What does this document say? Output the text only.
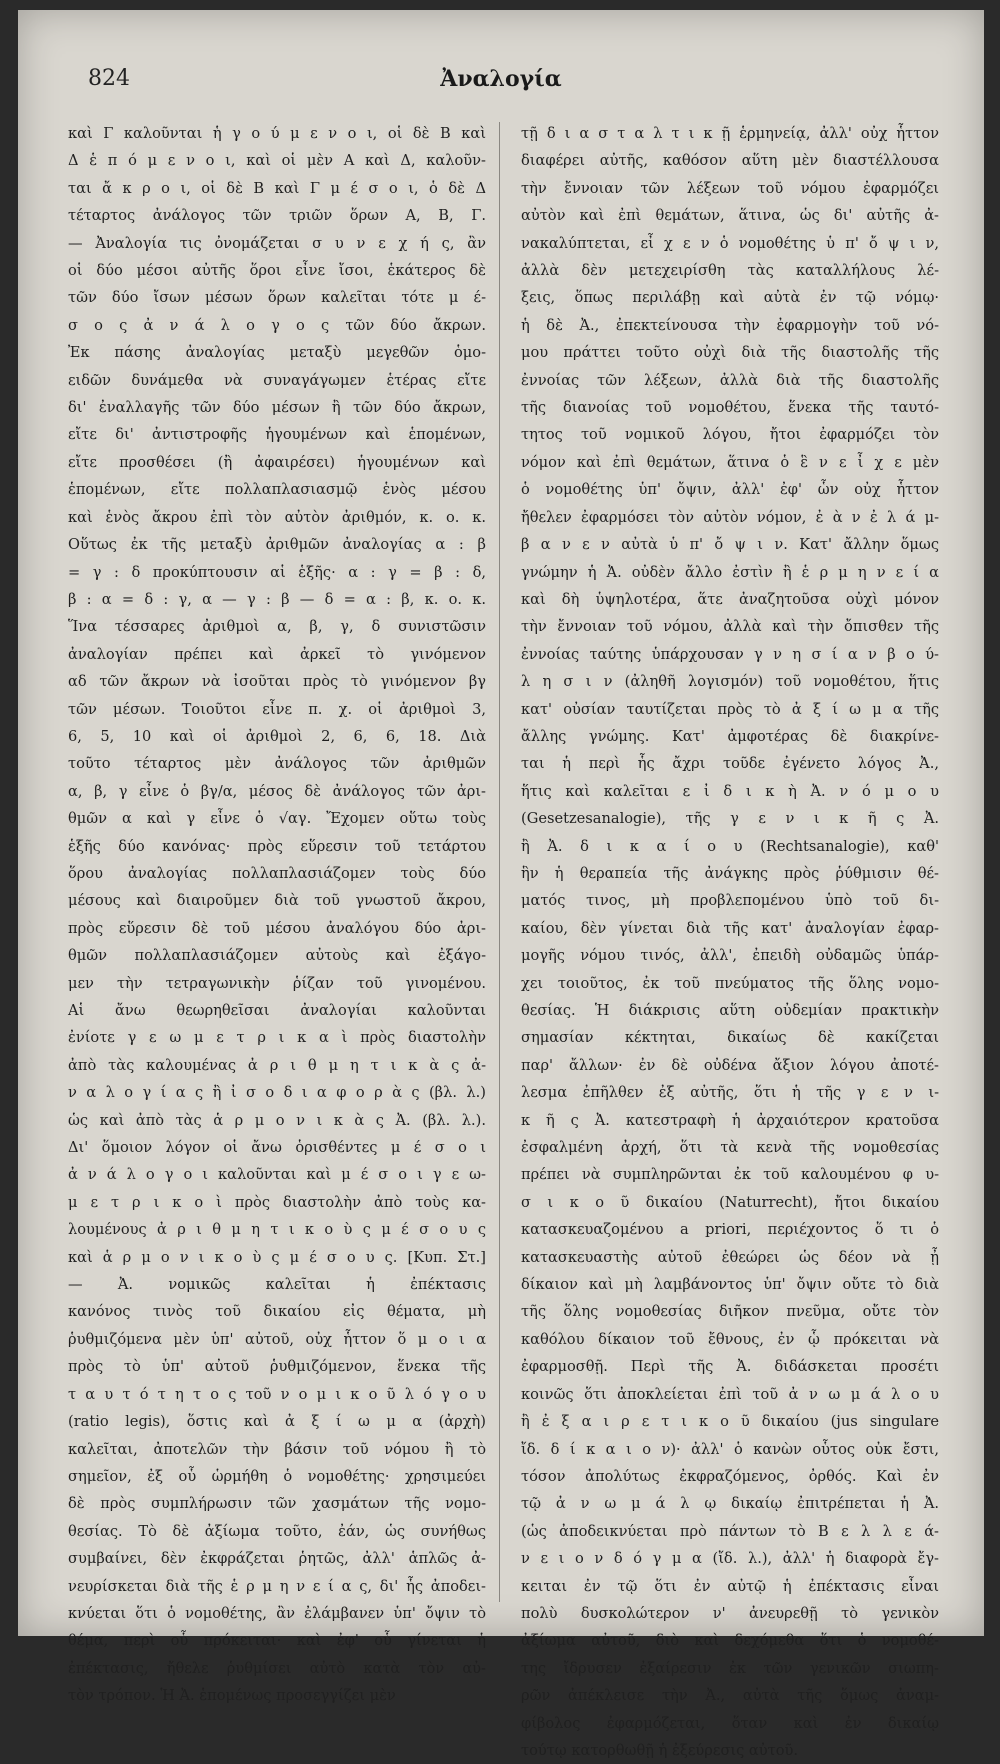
824	Ἀναλογία
καὶ Γ καλοῦνται ἡ γ ο ύ μ ε ν ο ι, οἱ δὲ Β καὶ
Δ ἑ π ό μ ε ν ο ι, καὶ οἱ μὲν Α καὶ Δ, καλοῦν-
ται ἄ κ ρ ο ι, οἱ δὲ Β καὶ Γ μ έ σ ο ι, ὁ δὲ Δ
τέταρτος ἀνάλογος τῶν τριῶν ὅρων Α, Β, Γ.
— Ἀναλογία τις ὀνομάζεται σ υ ν ε χ ή ς, ἂν
οἱ δύο μέσοι αὐτῆς ὅροι εἶνε ἴσοι, ἑκάτερος δὲ
τῶν δύο ἴσων μέσων ὅρων καλεῖται τότε μ έ-
σ ο ς ἀ ν ά λ ο γ ο ς τῶν δύο ἄκρων.
Ἐκ πάσης ἀναλογίας μεταξὺ μεγεθῶν ὁμο-
ειδῶν δυνάμεθα νὰ συναγάγωμεν ἑτέρας εἴτε
δι' ἐναλλαγῆς τῶν δύο μέσων ἢ τῶν δύο ἄκρων,
εἴτε δι' ἀντιστροφῆς ἡγουμένων καὶ ἑπομένων,
εἴτε προσθέσει (ἢ ἀφαιρέσει) ἡγουμένων καὶ
ἑπομένων, εἴτε πολλαπλασιασμῷ ἑνὸς μέσου
καὶ ἑνὸς ἄκρου ἐπὶ τὸν αὐτὸν ἀριθμόν, κ. ο. κ.
Οὕτως ἐκ τῆς μεταξὺ ἀριθμῶν ἀναλογίας α : β
= γ : δ προκύπτουσιν αἱ ἑξῆς· α : γ = β : δ,
β : α = δ : γ, α — γ : β — δ = α : β, κ. ο. κ.
Ἵνα τέσσαρες ἀριθμοὶ α, β, γ, δ συνιστῶσιν
ἀναλογίαν πρέπει καὶ ἀρκεῖ τὸ γινόμενον
αδ τῶν ἄκρων νὰ ἰσοῦται πρὸς τὸ γινόμενον βγ
τῶν μέσων. Τοιοῦτοι εἶνε π. χ. οἱ ἀριθμοὶ 3,
6, 5, 10 καὶ οἱ ἀριθμοὶ 2, 6, 6, 18. Διὰ
τοῦτο τέταρτος μὲν ἀνάλογος τῶν ἀριθμῶν
α, β, γ εἶνε ὁ βγ/α, μέσος δὲ ἀνάλογος τῶν ἀρι-
θμῶν α καὶ γ εἶνε ὁ √αγ. Ἔχομεν οὕτω τοὺς
ἑξῆς δύο κανόνας· πρὸς εὕρεσιν τοῦ τετάρτου
ὅρου ἀναλογίας πολλαπλασιάζομεν τοὺς δύο
μέσους καὶ διαιροῦμεν διὰ τοῦ γνωστοῦ ἄκρου,
πρὸς εὕρεσιν δὲ τοῦ μέσου ἀναλόγου δύο ἀρι-
θμῶν πολλαπλασιάζομεν αὐτοὺς καὶ ἐξάγο-
μεν τὴν τετραγωνικὴν ῥίζαν τοῦ γινομένου.
Αἱ ἄνω θεωρηθεῖσαι ἀναλογίαι καλοῦνται
ἐνίοτε γ ε ω μ ε τ ρ ι κ α ὶ πρὸς διαστολὴν
ἀπὸ τὰς καλουμένας ἀ ρ ι θ μ η τ ι κ ὰ ς ἀ-
ν α λ ο γ ί α ς ἢ ἰ σ ο δ ι α φ ο ρ ὰ ς (βλ. λ.)
ὡς καὶ ἀπὸ τὰς ἁ ρ μ ο ν ι κ ὰ ς Ἀ. (βλ. λ.).
Δι' ὅμοιον λόγον οἱ ἄνω ὁρισθέντες μ έ σ ο ι
ἀ ν ά λ ο γ ο ι καλοῦνται καὶ μ έ σ ο ι γ ε ω-
μ ε τ ρ ι κ ο ὶ πρὸς διαστολὴν ἀπὸ τοὺς κα-
λουμένους ἀ ρ ι θ μ η τ ι κ ο ὺ ς μ έ σ ο υ ς
καὶ ἁ ρ μ ο ν ι κ ο ὺ ς μ έ σ ο υ ς. [Κυπ. Στ.]
— Ἀ. νομικῶς καλεῖται ἡ ἐπέκτασις
κανόνος τινὸς τοῦ δικαίου εἰς θέματα, μὴ
ῥυθμιζόμενα μὲν ὑπ' αὐτοῦ, οὐχ ἧττον ὅ μ ο ι α
πρὸς τὸ ὑπ' αὐτοῦ ῥυθμιζόμενον, ἕνεκα τῆς
τ α υ τ ό τ η τ ο ς τοῦ ν ο μ ι κ ο ῦ λ ό γ ο υ
(ratio legis), ὅστις καὶ ἀ ξ ί ω μ α (ἀρχὴ)
καλεῖται, ἀποτελῶν τὴν βάσιν τοῦ νόμου ἢ τὸ
σημεῖον, ἐξ οὗ ὡρμήθη ὁ νομοθέτης· χρησιμεύει
δὲ πρὸς συμπλήρωσιν τῶν χασμάτων τῆς νομο-
θεσίας. Τὸ δὲ ἀξίωμα τοῦτο, ἐάν, ὡς συνήθως
συμβαίνει, δὲν ἐκφράζεται ῥητῶς, ἀλλ' ἁπλῶς ἀ-
νευρίσκεται διὰ τῆς ἑ ρ μ η ν ε ί α ς, δι' ἧς ἀποδει-
κνύεται ὅτι ὁ νομοθέτης, ἂν ἐλάμβανεν ὑπ' ὄψιν τὸ
θέμα, περὶ οὗ πρόκειται· καὶ ἐφ' οὗ γίνεται ἡ
ἐπέκτασις, ἤθελε ῥυθμίσει αὐτὸ κατὰ τὸν αὐ-
τὸν τρόπον. Ἡ Ἀ. ἑπομένως προσεγγίζει μὲν
τῇ δ ι α σ τ α λ τ ι κ ῇ ἑρμηνείᾳ, ἀλλ' οὐχ ἧττον
διαφέρει αὐτῆς, καθόσον αὕτη μὲν διαστέλλουσα
τὴν ἔννοιαν τῶν λέξεων τοῦ νόμου ἐφαρμόζει
αὐτὸν καὶ ἐπὶ θεμάτων, ἅτινα, ὡς δι' αὐτῆς ἀ-
νακαλύπτεται, εἶ χ ε ν ὁ νομοθέτης ὑ π' ὄ ψ ι ν,
ἀλλὰ δὲν μετεχειρίσθη τὰς καταλλήλους λέ-
ξεις, ὅπως περιλάβῃ καὶ αὐτὰ ἐν τῷ νόμῳ·
ἡ δὲ Ἀ., ἐπεκτείνουσα τὴν ἐφαρμογὴν τοῦ νό-
μου πράττει τοῦτο οὐχὶ διὰ τῆς διαστολῆς τῆς
ἐννοίας τῶν λέξεων, ἀλλὰ διὰ τῆς διαστολῆς
τῆς διανοίας τοῦ νομοθέτου, ἕνεκα τῆς ταυτό-
τητος τοῦ νομικοῦ λόγου, ἤτοι ἐφαρμόζει τὸν
νόμον καὶ ἐπὶ θεμάτων, ἅτινα ὁ ἓ ν ε ἶ χ ε μὲν
ὁ νομοθέτης ὑπ' ὄψιν, ἀλλ' ἐφ' ὧν οὐχ ἧττον
ἤθελεν ἐφαρμόσει τὸν αὐτὸν νόμον, ἐ ὰ ν ἐ λ ά μ-
β α ν ε ν αὐτὰ ὑ π' ὄ ψ ι ν. Κατ' ἄλλην ὅμως
γνώμην ἡ Ἀ. οὐδὲν ἄλλο ἐστὶν ἢ ἑ ρ μ η ν ε ί α
καὶ δὴ ὑψηλοτέρα, ἅτε ἀναζητοῦσα οὐχὶ μόνον
τὴν ἔννοιαν τοῦ νόμου, ἀλλὰ καὶ τὴν ὄπισθεν τῆς
ἐννοίας ταύτης ὑπάρχουσαν γ ν η σ ί α ν β ο ύ-
λ η σ ι ν (ἀληθῆ λογισμόν) τοῦ νομοθέτου, ἥτις
κατ' οὐσίαν ταυτίζεται πρὸς τὸ ἀ ξ ί ω μ α τῆς
ἄλλης γνώμης. Κατ' ἀμφοτέρας δὲ διακρίνε-
ται ἡ περὶ ἧς ἄχρι τοῦδε ἐγένετο λόγος Ἀ.,
ἥτις καὶ καλεῖται ε ἰ δ ι κ ὴ Ἀ. ν ό μ ο υ
(Gesetzesanalogie), τῆς γ ε ν ι κ ῆ ς Ἀ.
ἢ Ἀ. δ ι κ α ί ο υ (Rechtsanalogie), καθ'
ἣν ἡ θεραπεία τῆς ἀνάγκης πρὸς ῥύθμισιν θέ-
ματός τινος, μὴ προβλεπομένου ὑπὸ τοῦ δι-
καίου, δὲν γίνεται διὰ τῆς κατ' ἀναλογίαν ἐφαρ-
μογῆς νόμου τινός, ἀλλ', ἐπειδὴ οὐδαμῶς ὑπάρ-
χει τοιοῦτος, ἐκ τοῦ πνεύματος τῆς ὅλης νομο-
θεσίας. Ἡ διάκρισις αὕτη οὐδεμίαν πρακτικὴν
σημασίαν κέκτηται, δικαίως δὲ κακίζεται
παρ' ἄλλων· ἐν δὲ οὐδένα ἄξιον λόγου ἀποτέ-
λεσμα ἐπῆλθεν ἐξ αὐτῆς, ὅτι ἡ τῆς γ ε ν ι-
κ ῆ ς Ἀ. κατεστραφὴ ἡ ἀρχαιότερον κρατοῦσα
ἐσφαλμένη ἀρχή, ὅτι τὰ κενὰ τῆς νομοθεσίας
πρέπει νὰ συμπληρῶνται ἐκ τοῦ καλουμένου φ υ-
σ ι κ ο ῦ δικαίου (Naturrecht), ἤτοι δικαίου
κατασκευαζομένου a priori, περιέχοντος ὅ τι ὁ
κατασκευαστὴς αὐτοῦ ἐθεώρει ὡς δέον νὰ ᾖ
δίκαιον καὶ μὴ λαμβάνοντος ὑπ' ὄψιν οὔτε τὸ διὰ
τῆς ὅλης νομοθεσίας διῆκον πνεῦμα, οὔτε τὸν
καθόλου δίκαιον τοῦ ἔθνους, ἐν ᾧ πρόκειται νὰ
ἐφαρμοσθῇ. Περὶ τῆς Ἀ. διδάσκεται προσέτι
κοινῶς ὅτι ἀποκλείεται ἐπὶ τοῦ ἀ ν ω μ ά λ ο υ
ἢ ἐ ξ α ι ρ ε τ ι κ ο ῦ δικαίου (jus singulare
ἴδ. δ ί κ α ι ο ν)· ἀλλ' ὁ κανὼν οὗτος οὐκ ἔστι,
τόσον ἀπολύτως ἐκφραζόμενος, ὀρθός. Καὶ ἐν
τῷ ἀ ν ω μ ά λ ῳ δικαίῳ ἐπιτρέπεται ἡ Ἀ.
(ὡς ἀποδεικνύεται πρὸ πάντων τὸ Β ε λ λ ε ά-
ν ε ι ο ν δ ό γ μ α (ἴδ. λ.), ἀλλ' ἡ διαφορὰ ἔγ-
κειται ἐν τῷ ὅτι ἐν αὐτῷ ἡ ἐπέκτασις εἶναι
πολὺ δυσκολώτερον ν' ἀνευρεθῇ τὸ γενικὸν
ἀξίωμα αὐτοῦ, διὸ καὶ δεχόμεθα ὅτι ὁ νομοθέ-
της ἴδρυσεν ἐξαίρεσιν ἐκ τῶν γενικῶν σιωπη-
ρῶν ἀπέκλεισε τὴν Ἀ., αὐτὰ τῆς ὅμως ἀναμ-
φίβολος ἐφαρμόζεται, ὅταν καὶ ἐν δικαίῳ
τούτῳ κατορθωθῇ ἡ ἐξεύρεσις αὐτοῦ.
